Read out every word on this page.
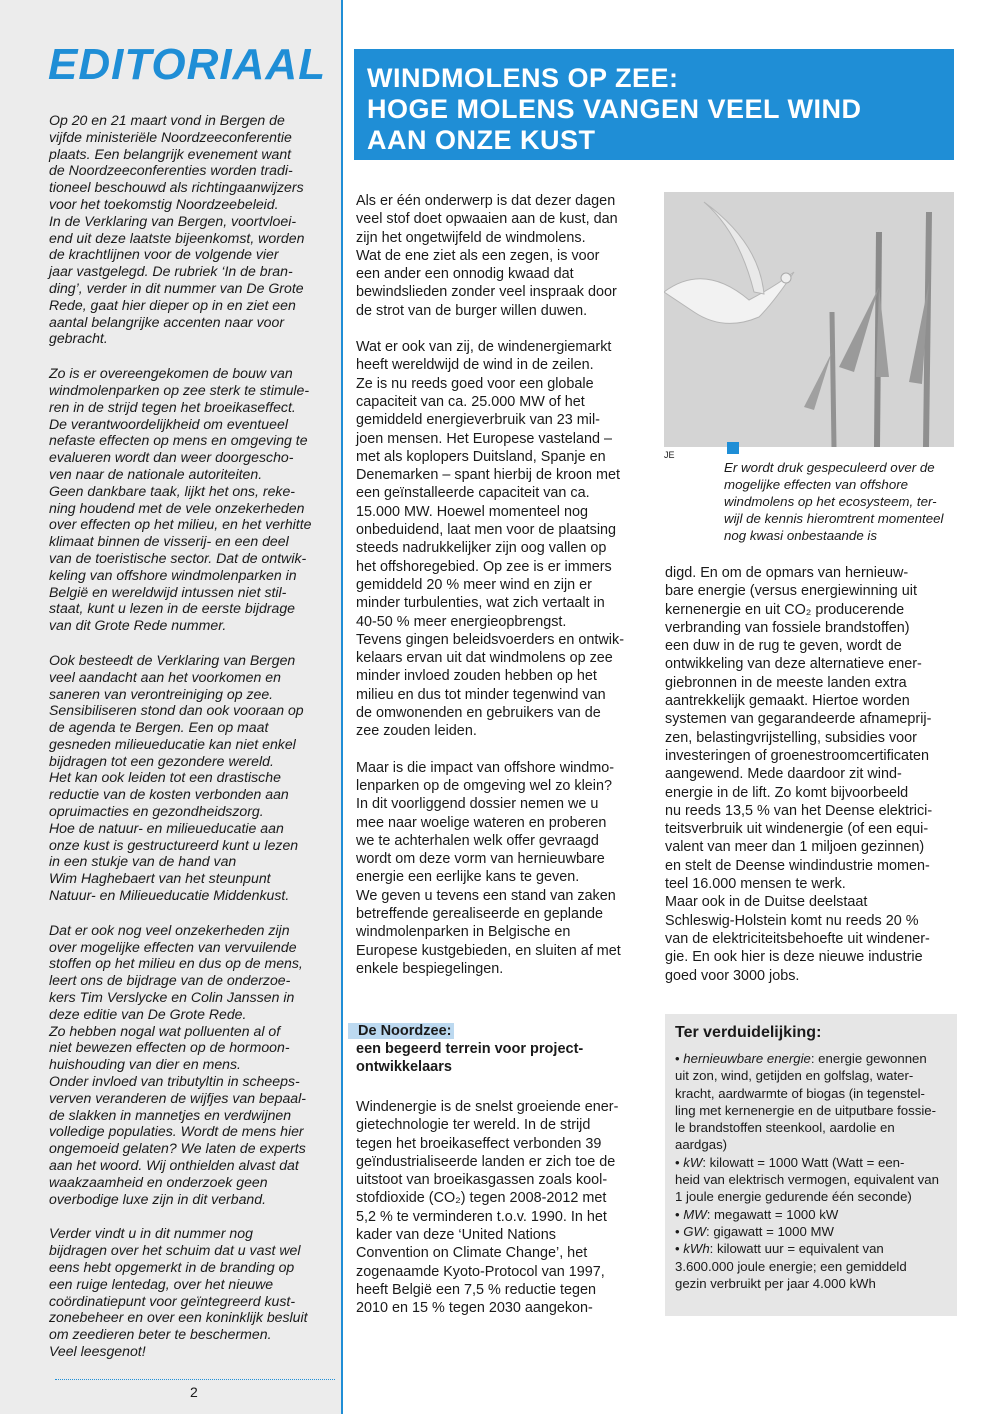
EDITORIAAL

Op 20 en 21 maart vond in Bergen de
vijfde ministeriële Noordzeeconferentie
plaats. Een belangrijk evenement want
de Noordzeeconferenties worden tradi-
tioneel beschouwd als richtingaanwijzers
voor het toekomstig Noordzeebeleid.
In de Verklaring van Bergen, voortvloei-
end uit deze laatste bijeenkomst, worden
de krachtlijnen voor de volgende vier
jaar vastgelegd. De rubriek ‘In de bran-
ding’, verder in dit nummer van De Grote
Rede, gaat hier dieper op in en ziet een
aantal belangrijke accenten naar voor
gebracht.

Zo is er overeengekomen de bouw van
windmolenparken op zee sterk te stimule-
ren in de strijd tegen het broeikaseffect.
De verantwoordelijkheid om eventueel
nefaste effecten op mens en omgeving te
evalueren wordt dan weer doorgescho-
ven naar de nationale autoriteiten.
Geen dankbare taak, lijkt het ons, reke-
ning houdend met de vele onzekerheden
over effecten op het milieu, en het verhitte
klimaat binnen de visserij- en een deel
van de toeristische sector. Dat de ontwik-
keling van offshore windmolenparken in
België en wereldwijd intussen niet stil-
staat, kunt u lezen in de eerste bijdrage
van dit Grote Rede nummer.

Ook besteedt de Verklaring van Bergen
veel aandacht aan het voorkomen en
saneren van verontreiniging op zee.
Sensibiliseren stond dan ook vooraan op
de agenda te Bergen. Een op maat
gesneden milieueducatie kan niet enkel
bijdragen tot een gezondere wereld.
Het kan ook leiden tot een drastische
reductie van de kosten verbonden aan
opruimacties en gezondheidszorg.
Hoe de natuur- en milieueducatie aan
onze kust is gestructureerd kunt u lezen
in een stukje van de hand van
Wim Haghebaert van het steunpunt
Natuur- en Milieueducatie Middenkust.

Dat er ook nog veel onzekerheden zijn
over mogelijke effecten van vervuilende
stoffen op het milieu en dus op de mens,
leert ons de bijdrage van de onderzoe-
kers Tim Verslycke en Colin Janssen in
deze editie van De Grote Rede.
Zo hebben nogal wat polluenten al of
niet bewezen effecten op de hormoon-
huishouding van dier en mens.
Onder invloed van tributyltin in scheeps-
verven veranderen de wijfjes van bepaal-
de slakken in mannetjes en verdwijnen
volledige populaties. Wordt de mens hier
ongemoeid gelaten? We laten de experts
aan het woord. Wij onthielden alvast dat
waakzaamheid en onderzoek geen
overbodige luxe zijn in dit verband.

Verder vindt u in dit nummer nog
bijdragen over het schuim dat u vast wel
eens hebt opgemerkt in de branding op
een ruige lentedag, over het nieuwe
coördinatiepunt voor geïntegreerd kust-
zonebeheer en over een koninklijk besluit
om zeedieren beter te beschermen.
Veel leesgenot!

2
WINDMOLENS OP ZEE:
HOGE MOLENS VANGEN VEEL WIND
AAN ONZE KUST

Als er één onderwerp is dat dezer dagen
veel stof doet opwaaien aan de kust, dan
zijn het ongetwijfeld de windmolens.
Wat de ene ziet als een zegen, is voor
een ander een onnodig kwaad dat
bewindslieden zonder veel inspraak door
de strot van de burger willen duwen.

Wat er ook van zij, de windenergiemarkt
heeft wereldwijd de wind in de zeilen.
Ze is nu reeds goed voor een globale
capaciteit van ca. 25.000 MW of het
gemiddeld energieverbruik van 23 mil-
joen mensen. Het Europese vasteland –
met als koplopers Duitsland, Spanje en
Denemarken – spant hierbij de kroon met
een geïnstalleerde capaciteit van ca.
15.000 MW. Hoewel momenteel nog
onbeduidend, laat men voor de plaatsing
steeds nadrukkelijker zijn oog vallen op
het offshoregebied. Op zee is er immers
gemiddeld 20 % meer wind en zijn er
minder turbulenties, wat zich vertaalt in
40-50 % meer energieopbrengst.
Tevens gingen beleidsvoerders en ontwik-
kelaars ervan uit dat windmolens op zee
minder invloed zouden hebben op het
milieu en dus tot minder tegenwind van
de omwonenden en gebruikers van de
zee zouden leiden.

Maar is die impact van offshore windmo-
lenparken op de omgeving wel zo klein?
In dit voorliggend dossier nemen we u
mee naar woelige wateren en proberen
we te achterhalen welk offer gevraagd
wordt om deze vorm van hernieuwbare
energie een eerlijke kans te geven.
We geven u tevens een stand van zaken
betreffende gerealiseerde en geplande
windmolenparken in Belgische en
Europese kustgebieden, en sluiten af met
enkele bespiegelingen.

JE

Er wordt druk gespeculeerd over de
mogelijke effecten van offshore
windmolens op het ecosysteem, ter-
wijl de kennis hieromtrent momenteel
nog kwasi onbestaande is

digd. En om de opmars van hernieuw-
bare energie (versus energiewinning uit
kernenergie en uit CO₂ producerende
verbranding van fossiele brandstoffen)
een duw in de rug te geven, wordt de
ontwikkeling van deze alternatieve ener-
giebronnen in de meeste landen extra
aantrekkelijk gemaakt. Hiertoe worden
systemen van gegarandeerde afnameprij-
zen, belastingvrijstelling, subsidies voor
investeringen of groenestroomcertificaten
aangewend. Mede daardoor zit wind-
energie in de lift. Zo komt bijvoorbeeld
nu reeds 13,5 % van het Deense elektrici-
teitsverbruik uit windenergie (of een equi-
valent van meer dan 1 miljoen gezinnen)
en stelt de Deense windindustrie momen-
teel 16.000 mensen te werk.
Maar ook in de Duitse deelstaat
Schleswig-Holstein komt nu reeds 20 %
van de elektriciteitsbehoefte uit windener-
gie. En ook hier is deze nieuwe industrie
goed voor 3000 jobs.

De Noordzee:
een begeerd terrein voor project-
ontwikkelaars

Windenergie is de snelst groeiende ener-
gietechnologie ter wereld. In de strijd
tegen het broeikaseffect verbonden 39
geïndustrialiseerde landen er zich toe de
uitstoot van broeikasgassen zoals kool-
stofdioxide (CO₂) tegen 2008-2012 met
5,2 % te verminderen t.o.v. 1990. In het
kader van deze ‘United Nations
Convention on Climate Change’, het
zogenaamde Kyoto-Protocol van 1997,
heeft België een 7,5 % reductie tegen
2010 en 15 % tegen 2030 aangekon-

Ter verduidelijking:
• hernieuwbare energie: energie gewonnen
uit zon, wind, getijden en golfslag, water-
kracht, aardwarmte of biogas (in tegenstel-
ling met kernenergie en de uitputbare fossie-
le brandstoffen steenkool, aardolie en
aardgas)
• kW: kilowatt = 1000 Watt (Watt = een-
heid van elektrisch vermogen, equivalent van
1 joule energie gedurende één seconde)
• MW: megawatt = 1000 kW
• GW: gigawatt = 1000 MW
• kWh: kilowatt uur = equivalent van
3.600.000 joule energie; een gemiddeld
gezin verbruikt per jaar 4.000 kWh
